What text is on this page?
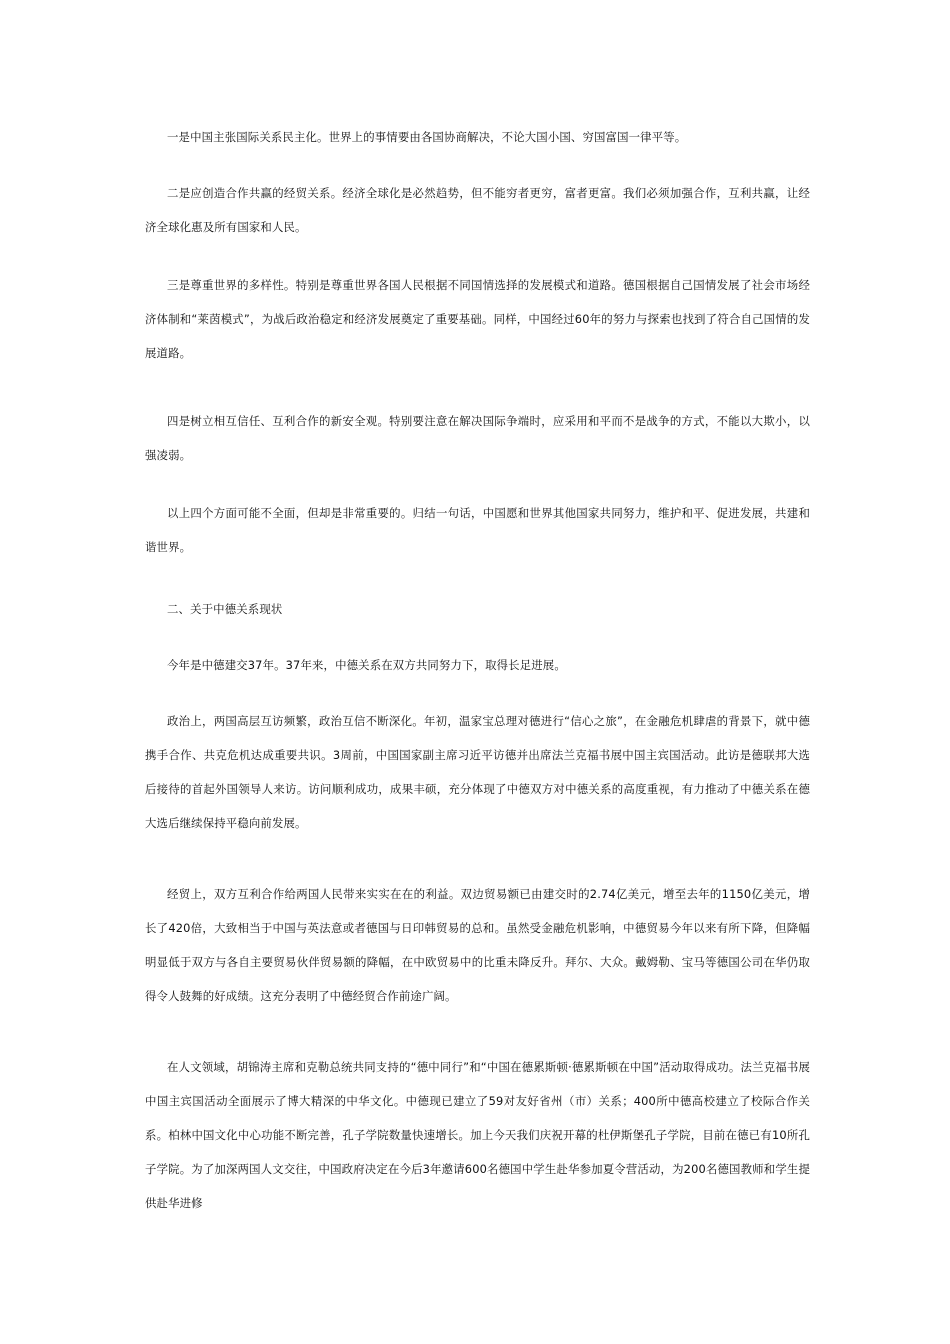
一是中国主张国际关系民主化。世界上的事情要由各国协商解决，不论大国小国、穷国富国一律平等。

二是应创造合作共赢的经贸关系。经济全球化是必然趋势，但不能穷者更穷，富者更富。我们必须加强合作，互利共赢，让经济全球化惠及所有国家和人民。

三是尊重世界的多样性。特别是尊重世界各国人民根据不同国情选择的发展模式和道路。德国根据自己国情发展了社会市场经济体制和“莱茵模式”，为战后政治稳定和经济发展奠定了重要基础。同样，中国经过60年的努力与探索也找到了符合自己国情的发展道路。

四是树立相互信任、互利合作的新安全观。特别要注意在解决国际争端时，应采用和平而不是战争的方式，不能以大欺小，以强凌弱。

以上四个方面可能不全面，但却是非常重要的。归结一句话，中国愿和世界其他国家共同努力，维护和平、促进发展，共建和谐世界。

二、关于中德关系现状

今年是中德建交37年。37年来，中德关系在双方共同努力下，取得长足进展。

政治上，两国高层互访频繁，政治互信不断深化。年初，温家宝总理对德进行“信心之旅”，在金融危机肆虐的背景下，就中德携手合作、共克危机达成重要共识。3周前，中国国家副主席习近平访德并出席法兰克福书展中国主宾国活动。此访是德联邦大选后接待的首起外国领导人来访。访问顺利成功，成果丰硕，充分体现了中德双方对中德关系的高度重视，有力推动了中德关系在德大选后继续保持平稳向前发展。

经贸上，双方互利合作给两国人民带来实实在在的利益。双边贸易额已由建交时的2.74亿美元，增至去年的1150亿美元，增长了420倍，大致相当于中国与英法意或者德国与日印韩贸易的总和。虽然受金融危机影响，中德贸易今年以来有所下降，但降幅明显低于双方与各自主要贸易伙伴贸易额的降幅，在中欧贸易中的比重未降反升。拜尔、大众。戴姆勒、宝马等德国公司在华仍取得令人鼓舞的好成绩。这充分表明了中德经贸合作前途广阔。

在人文领域，胡锦涛主席和克勒总统共同支持的“德中同行”和“中国在德累斯顿·德累斯顿在中国”活动取得成功。法兰克福书展中国主宾国活动全面展示了博大精深的中华文化。中德现已建立了59对友好省州（市）关系；400所中德高校建立了校际合作关系。柏林中国文化中心功能不断完善，孔子学院数量快速增长。加上今天我们庆祝开幕的杜伊斯堡孔子学院，目前在德已有10所孔子学院。为了加深两国人文交往，中国政府决定在今后3年邀请600名德国中学生赴华参加夏令营活动，为200名德国教师和学生提供赴华进修
